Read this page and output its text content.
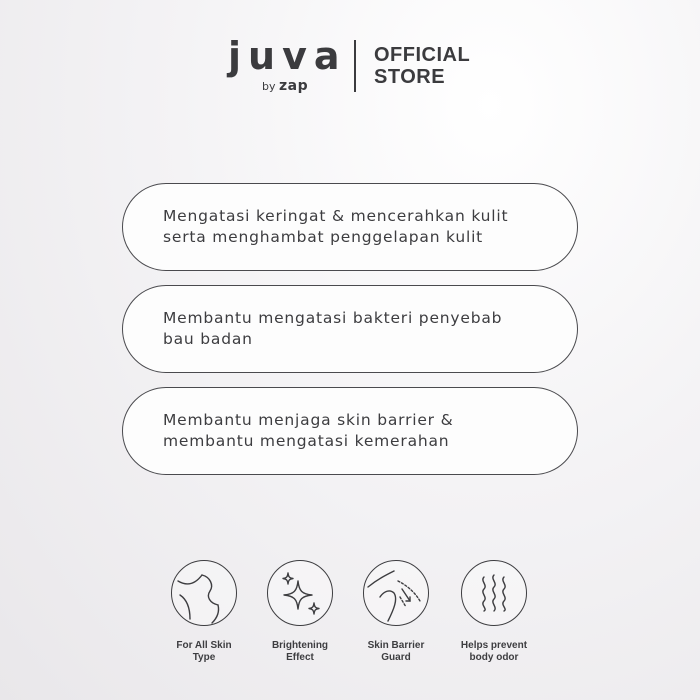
juva
by zap
OFFICIAL
STORE
Mengatasi keringat & mencerahkan kulit serta menghambat penggelapan kulit
Membantu mengatasi bakteri penyebab bau badan
Membantu menjaga skin barrier & membantu mengatasi kemerahan
For All Skin
Type
Brightening
Effect
Skin Barrier
Guard
Helps prevent
body odor
